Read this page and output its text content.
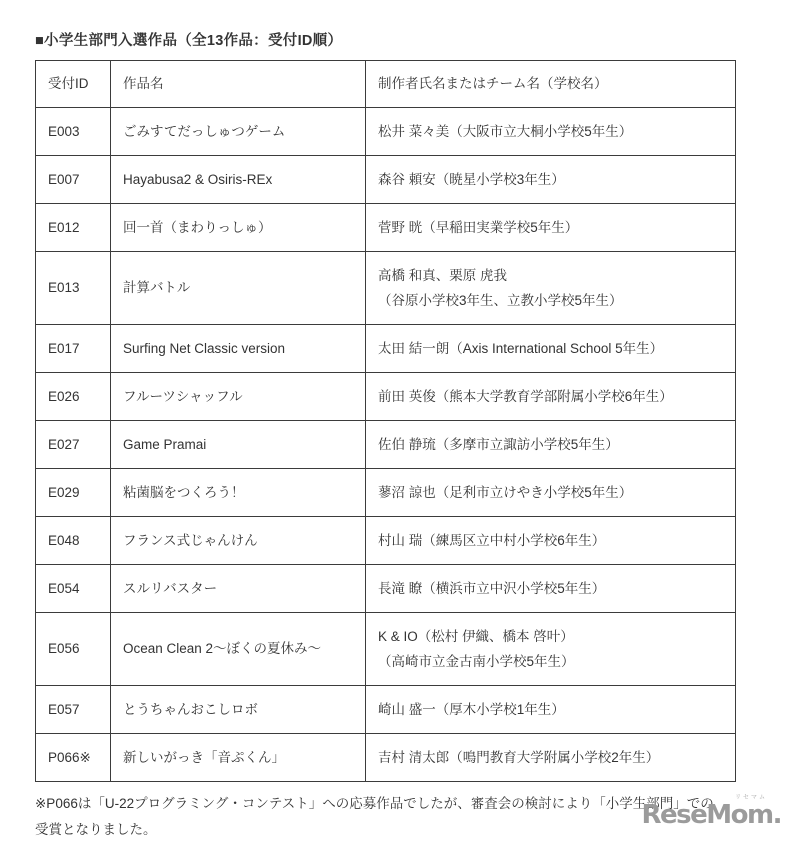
■小学生部門入選作品（全13作品：受付ID順）
受付ID	作品名	制作者氏名またはチーム名（学校名）
E003	ごみすてだっしゅつゲーム	松井 菜々美（大阪市立大桐小学校5年生）

E007	Hayabusa2 & Osiris-REx	森谷 頼安（暁星小学校3年生）

E012	回一首（まわりっしゅ）	菅野 晄（早稲田実業学校5年生）

E013	計算バトル	高橋 和真、栗原 虎我
（谷原小学校3年生、立教小学校5年生）

E017	Surfing Net Classic version	太田 結一朗（Axis International School 5年生）

E026	フルーツシャッフル	前田 英俊（熊本大学教育学部附属小学校6年生）

E027	Game Pramai	佐伯 静琉（多摩市立諏訪小学校5年生）

E029	粘菌脳をつくろう！	蓼沼 諒也（足利市立けやき小学校5年生）

E048	フランス式じゃんけん	村山 瑞（練馬区立中村小学校6年生）

E054	スルリバスター	長滝 瞭（横浜市立中沢小学校5年生）

E056	Ocean Clean 2〜ぼくの夏休み〜	K & IO（松村 伊織、橋本 啓叶）
（高崎市立金古南小学校5年生）

E057	とうちゃんおこしロボ	崎山 盛一（厚木小学校1年生）

P066※	新しいがっき「音ぷくん」	吉村 清太郎（鳴門教育大学附属小学校2年生）
※P066は「U-22プログラミング・コンテスト」への応募作品でしたが、審査会の検討により「小学生部門」での
受賞となりました。
リセマム
ReseMom.
